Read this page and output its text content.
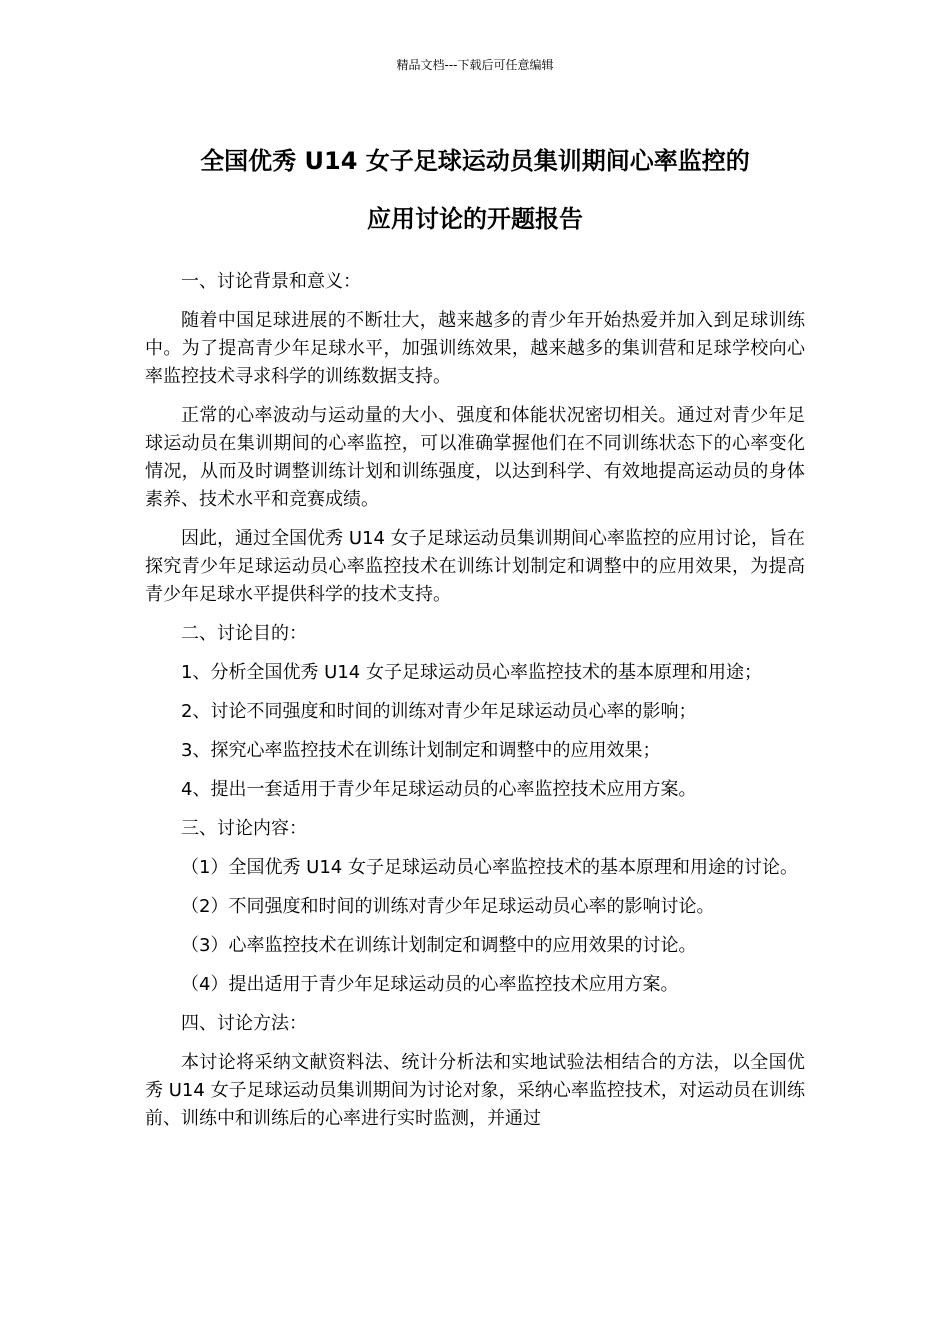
精品文档---下载后可任意编辑
全国优秀 U14 女子足球运动员集训期间心率监控的
应用讨论的开题报告

一、讨论背景和意义：

随着中国足球进展的不断壮大，越来越多的青少年开始热爱并加入到足球训练中。为了提高青少年足球水平，加强训练效果，越来越多的集训营和足球学校向心率监控技术寻求科学的训练数据支持。

正常的心率波动与运动量的大小、强度和体能状况密切相关。通过对青少年足球运动员在集训期间的心率监控，可以准确掌握他们在不同训练状态下的心率变化情况，从而及时调整训练计划和训练强度，以达到科学、有效地提高运动员的身体素养、技术水平和竞赛成绩。

因此，通过全国优秀 U14 女子足球运动员集训期间心率监控的应用讨论，旨在探究青少年足球运动员心率监控技术在训练计划制定和调整中的应用效果，为提高青少年足球水平提供科学的技术支持。

二、讨论目的：

1、分析全国优秀 U14 女子足球运动员心率监控技术的基本原理和用途；

2、讨论不同强度和时间的训练对青少年足球运动员心率的影响；

3、探究心率监控技术在训练计划制定和调整中的应用效果；

4、提出一套适用于青少年足球运动员的心率监控技术应用方案。

三、讨论内容：

（1）全国优秀 U14 女子足球运动员心率监控技术的基本原理和用途的讨论。

（2）不同强度和时间的训练对青少年足球运动员心率的影响讨论。

（3）心率监控技术在训练计划制定和调整中的应用效果的讨论。

（4）提出适用于青少年足球运动员的心率监控技术应用方案。

四、讨论方法：

本讨论将采纳文献资料法、统计分析法和实地试验法相结合的方法，以全国优秀 U14 女子足球运动员集训期间为讨论对象，采纳心率监控技术，对运动员在训练前、训练中和训练后的心率进行实时监测，并通过
